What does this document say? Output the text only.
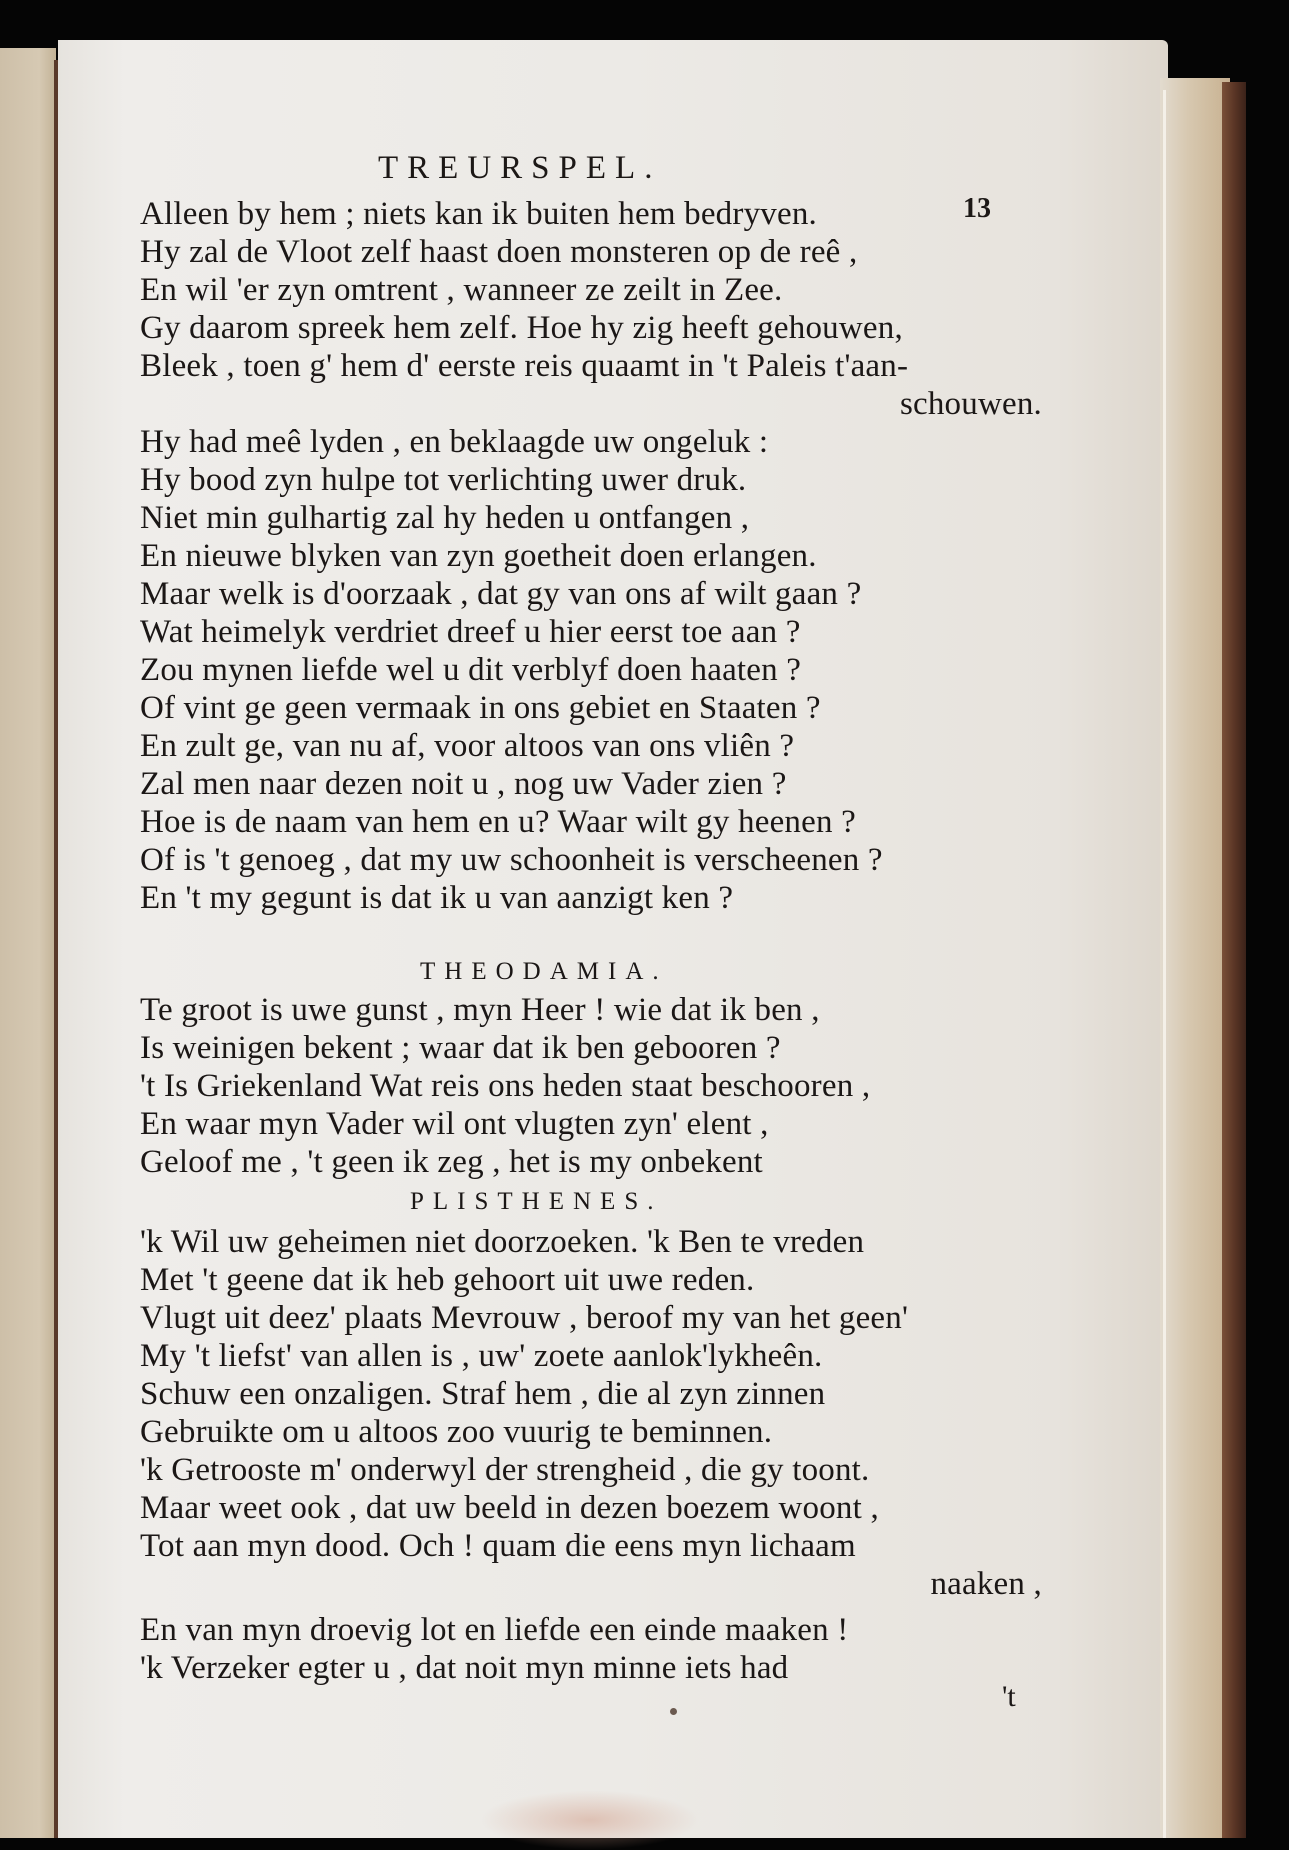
TREURSPEL.
13
Alleen by hem ; niets kan ik buiten hem bedryven.
Hy zal de Vloot zelf haast doen monsteren op de reê ,
En wil 'er zyn omtrent , wanneer ze zeilt in Zee.
Gy daarom spreek hem zelf. Hoe hy zig heeft gehouwen,
Bleek , toen g' hem d' eerste reis quaamt in 't Paleis t'aan-
schouwen.
Hy had meê lyden , en beklaagde uw ongeluk :
Hy bood zyn hulpe tot verlichting uwer druk.
Niet min gulhartig zal hy heden u ontfangen ,
En nieuwe blyken van zyn goetheit doen erlangen.
Maar welk is d'oorzaak , dat gy van ons af wilt gaan ?
Wat heimelyk verdriet dreef u hier eerst toe aan ?
Zou mynen liefde wel u dit verblyf doen haaten ?
Of vint ge geen vermaak in ons gebiet en Staaten ?
En zult ge, van nu af, voor altoos van ons vliên ?
Zal men naar dezen noit u , nog uw Vader zien ?
Hoe is de naam van hem en u? Waar wilt gy heenen ?
Of is 't genoeg , dat my uw schoonheit is verscheenen ?
En 't my gegunt is dat ik u van aanzigt ken ?
THEODAMIA.
Te groot is uwe gunst , myn Heer ! wie dat ik ben ,
Is weinigen bekent ; waar dat ik ben gebooren ?
't Is Griekenland Wat reis ons heden staat beschooren ,
En waar myn Vader wil ont vlugten zyn' elent ,
Geloof me , 't geen ik zeg , het is my onbekent
PLISTHENES.
'k Wil uw geheimen niet doorzoeken. 'k Ben te vreden
Met 't geene dat ik heb gehoort uit uwe reden.
Vlugt uit deez' plaats Mevrouw , beroof my van het geen'
My 't liefst' van allen is , uw' zoete aanlok'lykheên.
Schuw een onzaligen. Straf hem , die al zyn zinnen
Gebruikte om u altoos zoo vuurig te beminnen.
'k Getrooste m' onderwyl der strengheid , die gy toont.
Maar weet ook , dat uw beeld in dezen boezem woont ,
Tot aan myn dood. Och ! quam die eens myn lichaam
naaken ,
En van myn droevig lot en liefde een einde maaken !
'k Verzeker egter u , dat noit myn minne iets had
't
